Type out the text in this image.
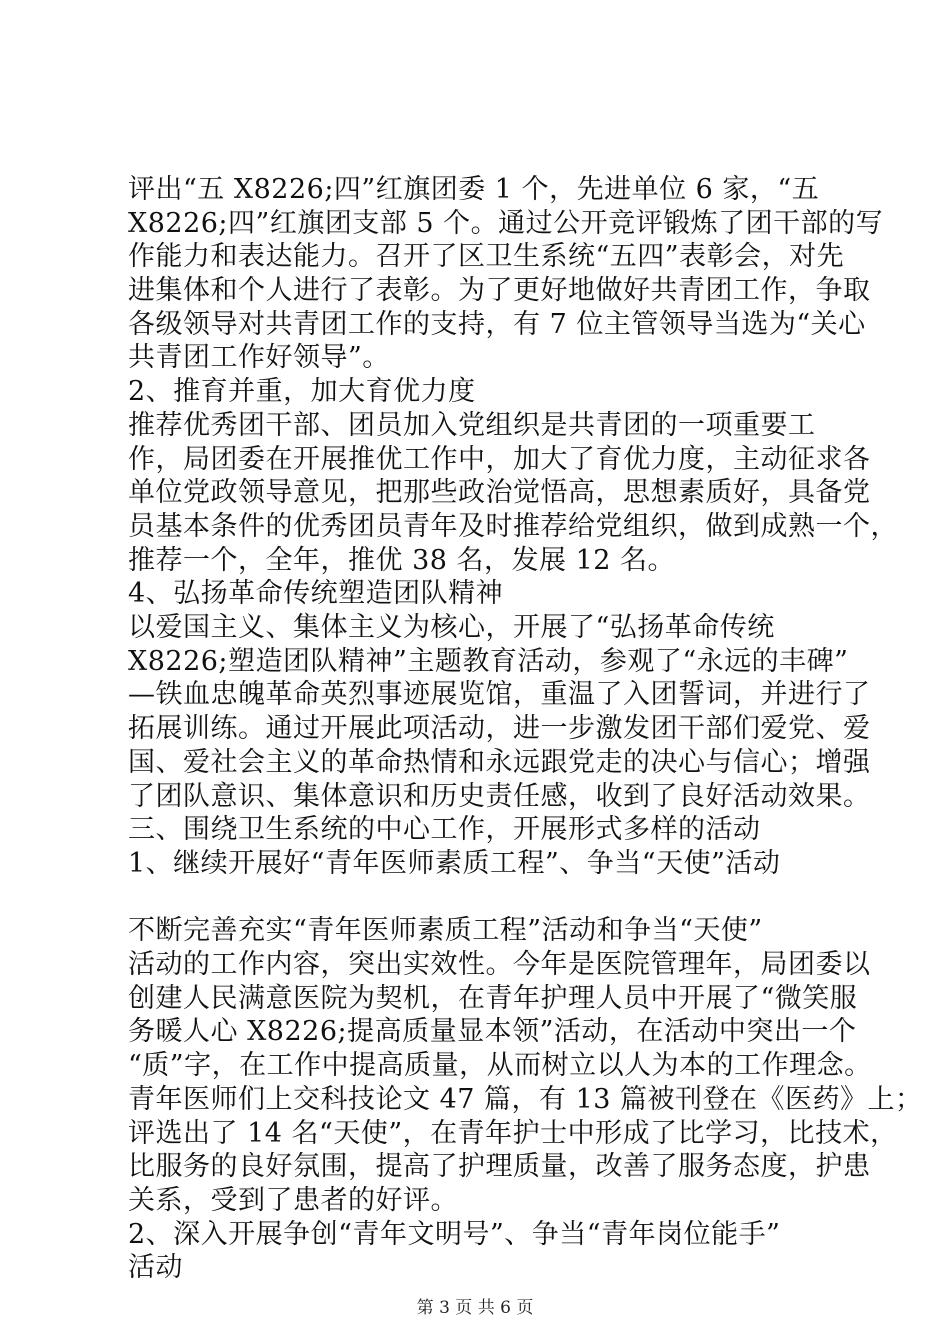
评出“五 X8226;四”红旗团委 1 个，先进单位 6 家，“五
X8226;四”红旗团支部 5 个。通过公开竞评锻炼了团干部的写
作能力和表达能力。召开了区卫生系统“五四”表彰会，对先
进集体和个人进行了表彰。为了更好地做好共青团工作，争取
各级领导对共青团工作的支持，有 7 位主管领导当选为“关心
共青团工作好领导”。
2、推育并重，加大育优力度
推荐优秀团干部、团员加入党组织是共青团的一项重要工
作，局团委在开展推优工作中，加大了育优力度，主动征求各
单位党政领导意见，把那些政治觉悟高，思想素质好，具备党
员基本条件的优秀团员青年及时推荐给党组织，做到成熟一个，
推荐一个，全年，推优 38 名，发展 12 名。
4、弘扬革命传统塑造团队精神
以爱国主义、集体主义为核心，开展了“弘扬革命传统
X8226;塑造团队精神”主题教育活动，参观了“永远的丰碑”
—铁血忠魄革命英烈事迹展览馆，重温了入团誓词，并进行了
拓展训练。通过开展此项活动，进一步激发团干部们爱党、爱
国、爱社会主义的革命热情和永远跟党走的决心与信心；增强
了团队意识、集体意识和历史责任感，收到了良好活动效果。
三、围绕卫生系统的中心工作，开展形式多样的活动
1、继续开展好“青年医师素质工程”、争当“天使”活动
不断完善充实“青年医师素质工程”活动和争当“天使”
活动的工作内容，突出实效性。今年是医院管理年，局团委以
创建人民满意医院为契机，在青年护理人员中开展了“微笑服
务暖人心 X8226;提高质量显本领”活动，在活动中突出一个
“质”字，在工作中提高质量，从而树立以人为本的工作理念。
青年医师们上交科技论文 47 篇，有 13 篇被刊登在《医药》上；
评选出了 14 名“天使”，在青年护士中形成了比学习，比技术，
比服务的良好氛围，提高了护理质量，改善了服务态度，护患
关系，受到了患者的好评。
2、深入开展争创“青年文明号”、争当“青年岗位能手”
活动
第 3 页 共 6 页
